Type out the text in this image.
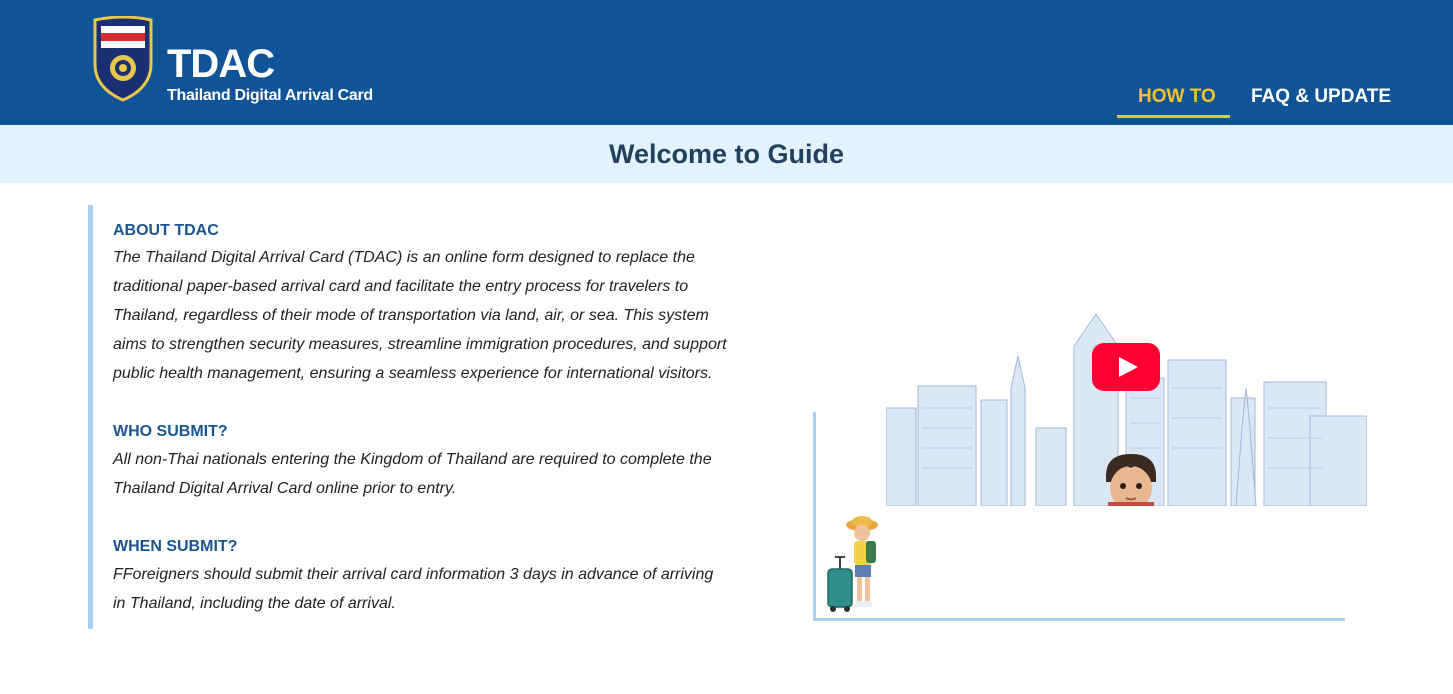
TDAC
Thailand Digital Arrival Card	HOW TO FAQ & UPDATE
Welcome to Guide
ABOUT TDAC
The Thailand Digital Arrival Card (TDAC) is an online form designed to replace the
traditional paper-based arrival card and facilitate the entry process for travelers to
Thailand, regardless of their mode of transportation via land, air, or sea. This system
aims to strengthen security measures, streamline immigration procedures, and support
public health management, ensuring a seamless experience for international visitors.
WHO SUBMIT?
All non-Thai nationals entering the Kingdom of Thailand are required to complete the
Thailand Digital Arrival Card online prior to entry.
WHEN SUBMIT?
FForeigners should submit their arrival card information 3 days in advance of arriving
in Thailand, including the date of arrival.
